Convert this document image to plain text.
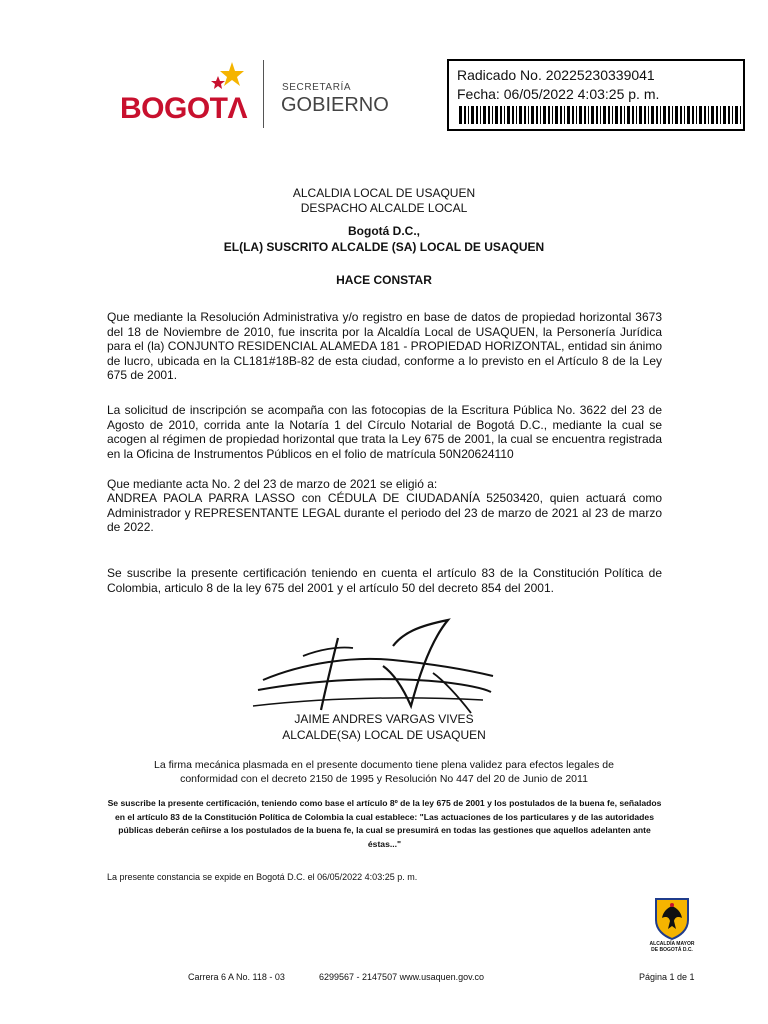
BOGOTΛ
SECRETARÍA
GOBIERNO
Radicado No. 20225230339041
Fecha: 06/05/2022 4:03:25 p. m.
ALCALDIA LOCAL DE USAQUEN
DESPACHO ALCALDE LOCAL
Bogotá D.C.,
EL(LA) SUSCRITO ALCALDE (SA) LOCAL DE USAQUEN
HACE CONSTAR
Que mediante la Resolución Administrativa y/o registro en base de datos de propiedad horizontal 3673 del 18 de Noviembre de 2010, fue inscrita por la Alcaldía Local de USAQUEN, la Personería Jurídica para el (la) CONJUNTO RESIDENCIAL ALAMEDA 181 - PROPIEDAD HORIZONTAL, entidad sin ánimo de lucro, ubicada en la CL181#18B-82 de esta ciudad, conforme a lo previsto en el Artículo 8 de la Ley 675 de 2001.
La solicitud de inscripción se acompaña con las fotocopias de la Escritura Pública No. 3622 del 23 de Agosto de 2010, corrida ante la Notaría 1 del Círculo Notarial de Bogotá D.C., mediante la cual se acogen al régimen de propiedad horizontal que trata la Ley 675 de 2001, la cual se encuentra registrada en la Oficina de Instrumentos Públicos en el folio de matrícula 50N20624110
Que mediante acta No. 2 del 23 de marzo de 2021 se eligió a:
ANDREA PAOLA PARRA LASSO con CÉDULA DE CIUDADANÍA 52503420, quien actuará como Administrador y REPRESENTANTE LEGAL durante el periodo del 23 de marzo de 2021 al 23 de marzo de 2022.
Se suscribe la presente certificación teniendo en cuenta el artículo 83 de la Constitución Política de Colombia, articulo 8 de la ley 675 del 2001 y el artículo 50 del decreto 854 del 2001.
JAIME ANDRES VARGAS VIVES
ALCALDE(SA) LOCAL DE USAQUEN
La firma mecánica plasmada en el presente documento tiene plena validez para efectos legales de
conformidad con el decreto 2150 de 1995 y Resolución No 447 del 20 de Junio de 2011
Se suscribe la presente certificación, teniendo como base el artículo 8º de la ley 675 de 2001 y los postulados de la buena fe, señalados en el artículo 83 de la Constitución Política de Colombia la cual establece: "Las actuaciones de los particulares y de las autoridades públicas deberán ceñirse a los postulados de la buena fe, la cual se presumirá en todas las gestiones que aquellos adelanten ante éstas..."
La presente constancia se expide en Bogotá D.C. el 06/05/2022 4:03:25 p. m.
ALCALDÍA MAYOR
DE BOGOTÁ D.C.
Carrera 6 A No. 118 - 03	6299567 - 2147507 www.usaquen.gov.co	Página 1 de 1
